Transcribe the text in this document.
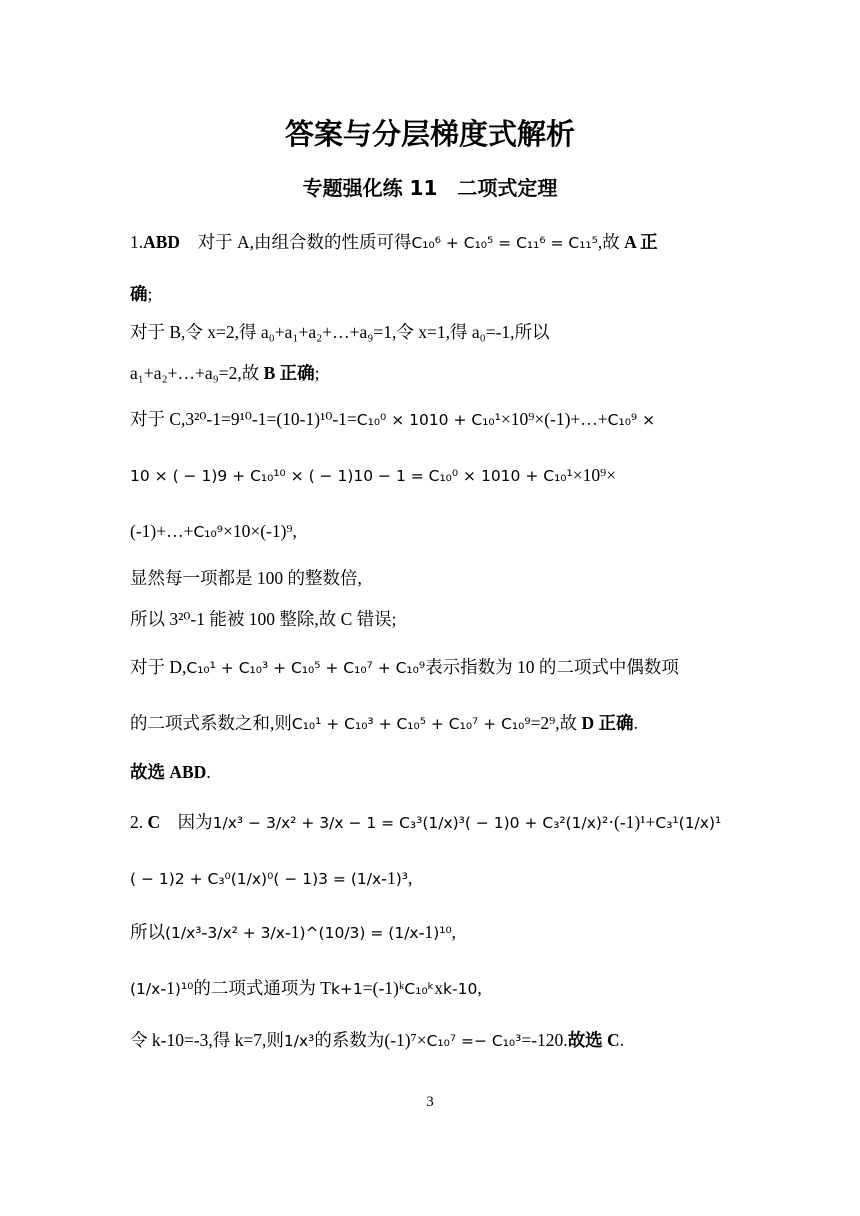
答案与分层梯度式解析
专题强化练 11　二项式定理
1.ABD　对于 A,由组合数的性质可得C₁₀⁶ + C₁₀⁵ = C₁₁⁶ = C₁₁⁵,故 A 正
确;
对于 B,令 x=2,得 a₀+a₁+a₂+…+a₉=1,令 x=1,得 a₀=-1,所以
a₁+a₂+…+a₉=2,故 B 正确;
对于 C,3²⁰-1=9¹⁰-1=(10-1)¹⁰-1=C₁₀⁰ × 1010 + C₁₀¹×10⁹×(-1)+…+C₁₀⁹ ×
10 × ( − 1)9 + C₁₀¹⁰ × ( − 1)10 − 1 = C₁₀⁰ × 1010 + C₁₀¹×10⁹×
(-1)+…+C₁₀⁹×10×(-1)⁹,
显然每一项都是 100 的整数倍,
所以 3²⁰-1 能被 100 整除,故 C 错误;
对于 D,C₁₀¹ + C₁₀³ + C₁₀⁵ + C₁₀⁷ + C₁₀⁹表示指数为 10 的二项式中偶数项
的二项式系数之和,则C₁₀¹ + C₁₀³ + C₁₀⁵ + C₁₀⁷ + C₁₀⁹=2⁹,故 D 正确.
故选 ABD.
2. C　因为1/x³ − 3/x² + 3/x − 1 = C₃³(1/x)³( − 1)0 + C₃²(1/x)²·(-1)¹+C₃¹(1/x)¹
( − 1)2 + C₃⁰(1/x)⁰( − 1)3 = (1/x-1)³,
所以(1/x³-3/x² + 3/x-1)^(10/3) = (1/x-1)¹⁰,
(1/x-1)¹⁰的二项式通项为 Tk+1=(-1)ᵏC₁₀ᵏxk-10,
令 k-10=-3,得 k=7,则1/x³的系数为(-1)⁷×C₁₀⁷ =− C₁₀³=-120.故选 C.
3
